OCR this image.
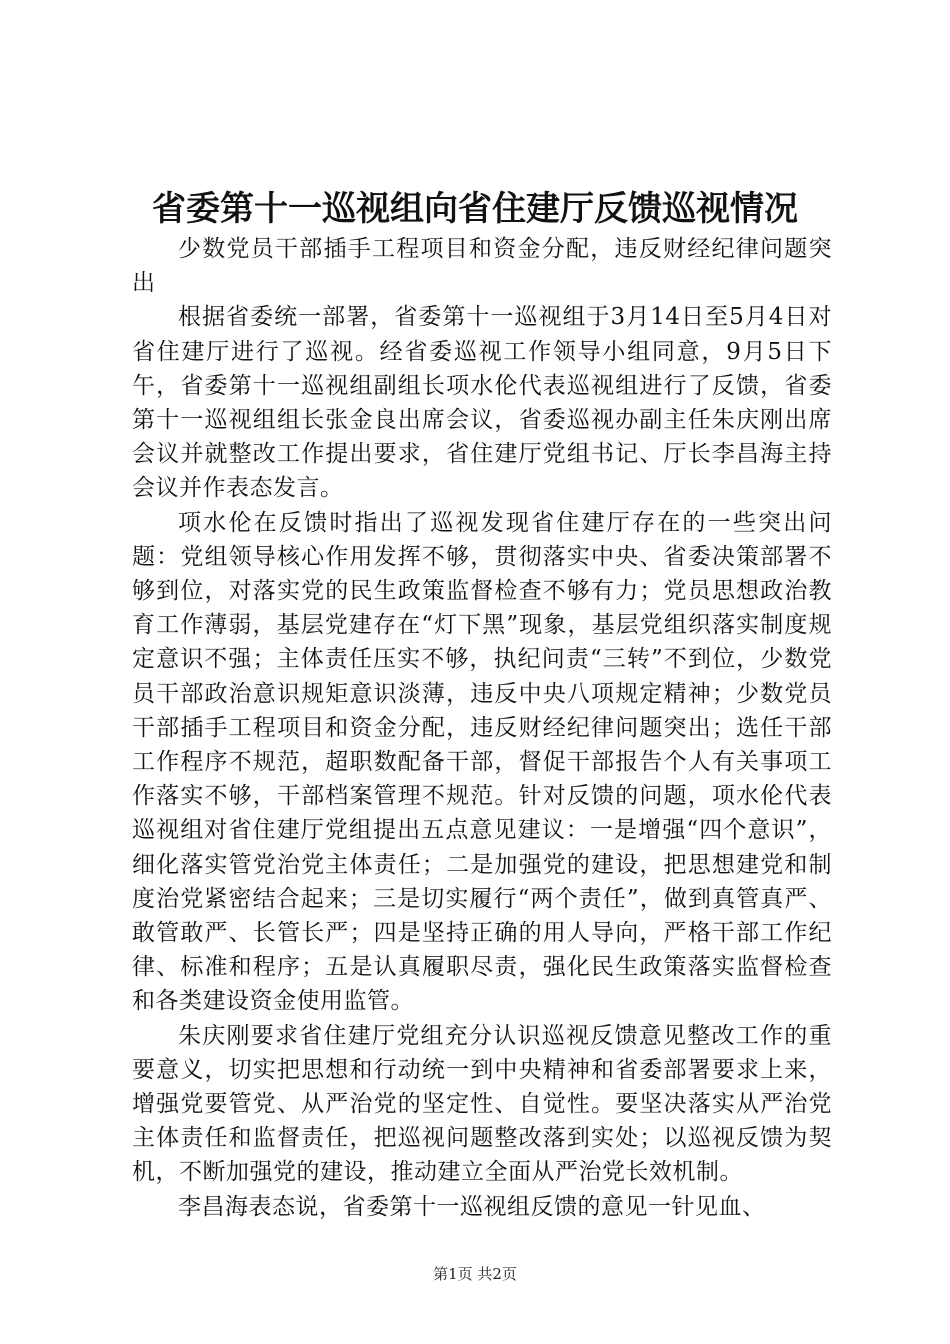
省委第十一巡视组向省住建厅反馈巡视情况

少数党员干部插手工程项目和资金分配，违反财经纪律问题突出

根据省委统一部署，省委第十一巡视组于3月14日至5月4日对省住建厅进行了巡视。经省委巡视工作领导小组同意，9月5日下午，省委第十一巡视组副组长项水伦代表巡视组进行了反馈，省委第十一巡视组组长张金良出席会议，省委巡视办副主任朱庆刚出席会议并就整改工作提出要求，省住建厅党组书记、厅长李昌海主持会议并作表态发言。

项水伦在反馈时指出了巡视发现省住建厅存在的一些突出问题：党组领导核心作用发挥不够，贯彻落实中央、省委决策部署不够到位，对落实党的民生政策监督检查不够有力；党员思想政治教育工作薄弱，基层党建存在“灯下黑”现象，基层党组织落实制度规定意识不强；主体责任压实不够，执纪问责“三转”不到位，少数党员干部政治意识规矩意识淡薄，违反中央八项规定精神；少数党员干部插手工程项目和资金分配，违反财经纪律问题突出；选任干部工作程序不规范，超职数配备干部，督促干部报告个人有关事项工作落实不够，干部档案管理不规范。针对反馈的问题，项水伦代表巡视组对省住建厅党组提出五点意见建议：一是增强“四个意识”，细化落实管党治党主体责任；二是加强党的建设，把思想建党和制度治党紧密结合起来；三是切实履行“两个责任”，做到真管真严、敢管敢严、长管长严；四是坚持正确的用人导向，严格干部工作纪律、标准和程序；五是认真履职尽责，强化民生政策落实监督检查和各类建设资金使用监管。

朱庆刚要求省住建厅党组充分认识巡视反馈意见整改工作的重要意义，切实把思想和行动统一到中央精神和省委部署要求上来，增强党要管党、从严治党的坚定性、自觉性。要坚决落实从严治党主体责任和监督责任，把巡视问题整改落到实处；以巡视反馈为契机，不断加强党的建设，推动建立全面从严治党长效机制。

李昌海表态说，省委第十一巡视组反馈的意见一针见血、

第1页 共2页
